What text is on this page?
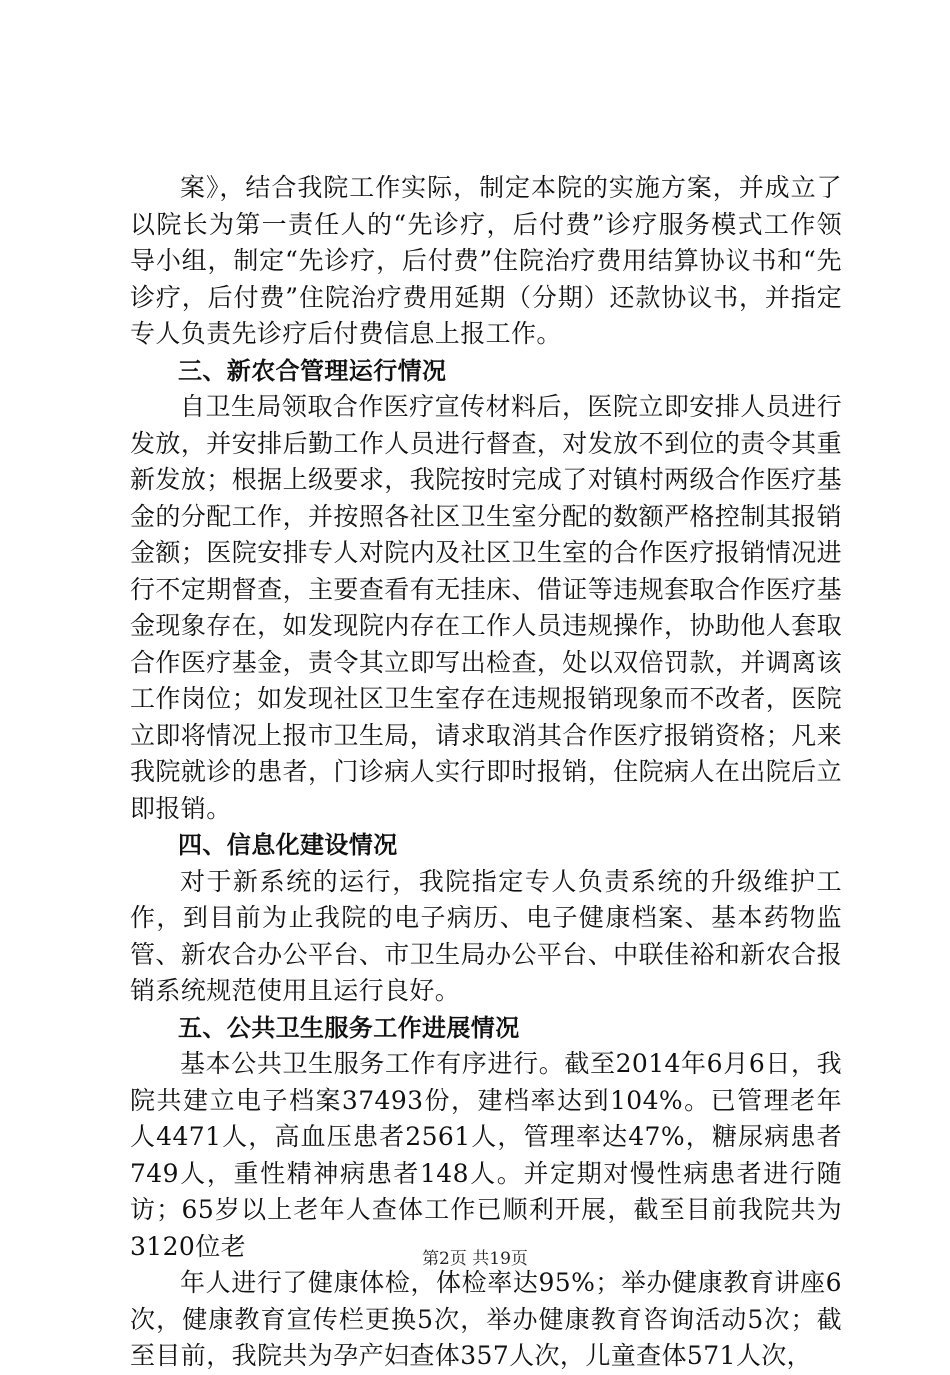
案》，结合我院工作实际，制定本院的实施方案，并成立了以院长为第一责任人的“先诊疗，后付费”诊疗服务模式工作领导小组，制定“先诊疗，后付费”住院治疗费用结算协议书和“先诊疗，后付费”住院治疗费用延期（分期）还款协议书，并指定专人负责先诊疗后付费信息上报工作。

三、新农合管理运行情况

自卫生局领取合作医疗宣传材料后，医院立即安排人员进行发放，并安排后勤工作人员进行督查，对发放不到位的责令其重新发放；根据上级要求，我院按时完成了对镇村两级合作医疗基金的分配工作，并按照各社区卫生室分配的数额严格控制其报销金额；医院安排专人对院内及社区卫生室的合作医疗报销情况进行不定期督查，主要查看有无挂床、借证等违规套取合作医疗基金现象存在，如发现院内存在工作人员违规操作，协助他人套取合作医疗基金，责令其立即写出检查，处以双倍罚款，并调离该工作岗位；如发现社区卫生室存在违规报销现象而不改者，医院立即将情况上报市卫生局，请求取消其合作医疗报销资格；凡来我院就诊的患者，门诊病人实行即时报销，住院病人在出院后立即报销。

四、信息化建设情况

对于新系统的运行，我院指定专人负责系统的升级维护工作，到目前为止我院的电子病历、电子健康档案、基本药物监管、新农合办公平台、市卫生局办公平台、中联佳裕和新农合报销系统规范使用且运行良好。

五、公共卫生服务工作进展情况

基本公共卫生服务工作有序进行。截至2014年6月6日，我院共建立电子档案37493份，建档率达到104%。已管理老年人4471人，高血压患者2561人，管理率达47%，糖尿病患者749人，重性精神病患者148人。并定期对慢性病患者进行随访；65岁以上老年人查体工作已顺利开展，截至目前我院共为3120位老

年人进行了健康体检，体检率达95%；举办健康教育讲座6次，健康教育宣传栏更换5次，举办健康教育咨询活动5次；截至目前，我院共为孕产妇查体357人次，儿童查体571人次，

第2页 共19页
